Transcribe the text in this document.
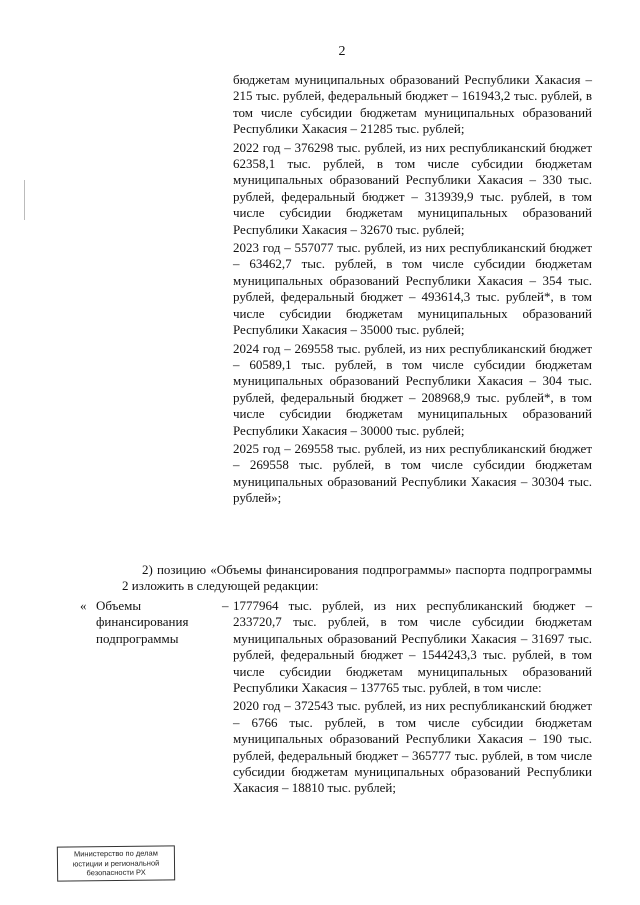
2

бюджетам муниципальных образований Республики Хакасия – 215 тыс. рублей, федеральный бюджет – 161943,2 тыс. рублей, в том числе субсидии бюджетам муниципальных образований Республики Хакасия – 21285 тыс. рублей;

2022 год – 376298 тыс. рублей, из них республиканский бюджет 62358,1 тыс. рублей, в том числе субсидии бюджетам муниципальных образований Республики Хакасия – 330 тыс. рублей, федеральный бюджет – 313939,9 тыс. рублей, в том числе субсидии бюджетам муниципальных образований Республики Хакасия – 32670 тыс. рублей;

2023 год – 557077 тыс. рублей, из них республиканский бюджет – 63462,7 тыс. рублей, в том числе субсидии бюджетам муниципальных образований Республики Хакасия – 354 тыс. рублей, федеральный бюджет – 493614,3 тыс. рублей*, в том числе субсидии бюджетам муниципальных образований Республики Хакасия – 35000 тыс. рублей;

2024 год – 269558 тыс. рублей, из них республиканский бюджет – 60589,1 тыс. рублей, в том числе субсидии бюджетам муниципальных образований Республики Хакасия – 304 тыс. рублей, федеральный бюджет – 208968,9 тыс. рублей*, в том числе субсидии бюджетам муниципальных образований Республики Хакасия – 30000 тыс. рублей;

2025 год – 269558 тыс. рублей, из них республиканский бюджет – 269558 тыс. рублей, в том числе субсидии бюджетам муниципальных образований Республики Хакасия – 30304 тыс. рублей»;

2) позицию «Объемы финансирования подпрограммы» паспорта подпрограммы 2 изложить в следующей редакции:
« Объемы финансирования подпрограммы
– 1777964 тыс. рублей, из них республиканский бюджет – 233720,7 тыс. рублей, в том числе субсидии бюджетам муниципальных образований Республики Хакасия – 31697 тыс. рублей, федеральный бюджет – 1544243,3 тыс. рублей, в том числе субсидии бюджетам муниципальных образований Республики Хакасия – 137765 тыс. рублей, в том числе:

2020 год – 372543 тыс. рублей, из них республиканский бюджет – 6766 тыс. рублей, в том числе субсидии бюджетам муниципальных образований Республики Хакасия – 190 тыс. рублей, федеральный бюджет – 365777 тыс. рублей, в том числе субсидии бюджетам муниципальных образований Республики Хакасия – 18810 тыс. рублей;

Министерство по делам
юстиции и региональной
безопасности РХ
